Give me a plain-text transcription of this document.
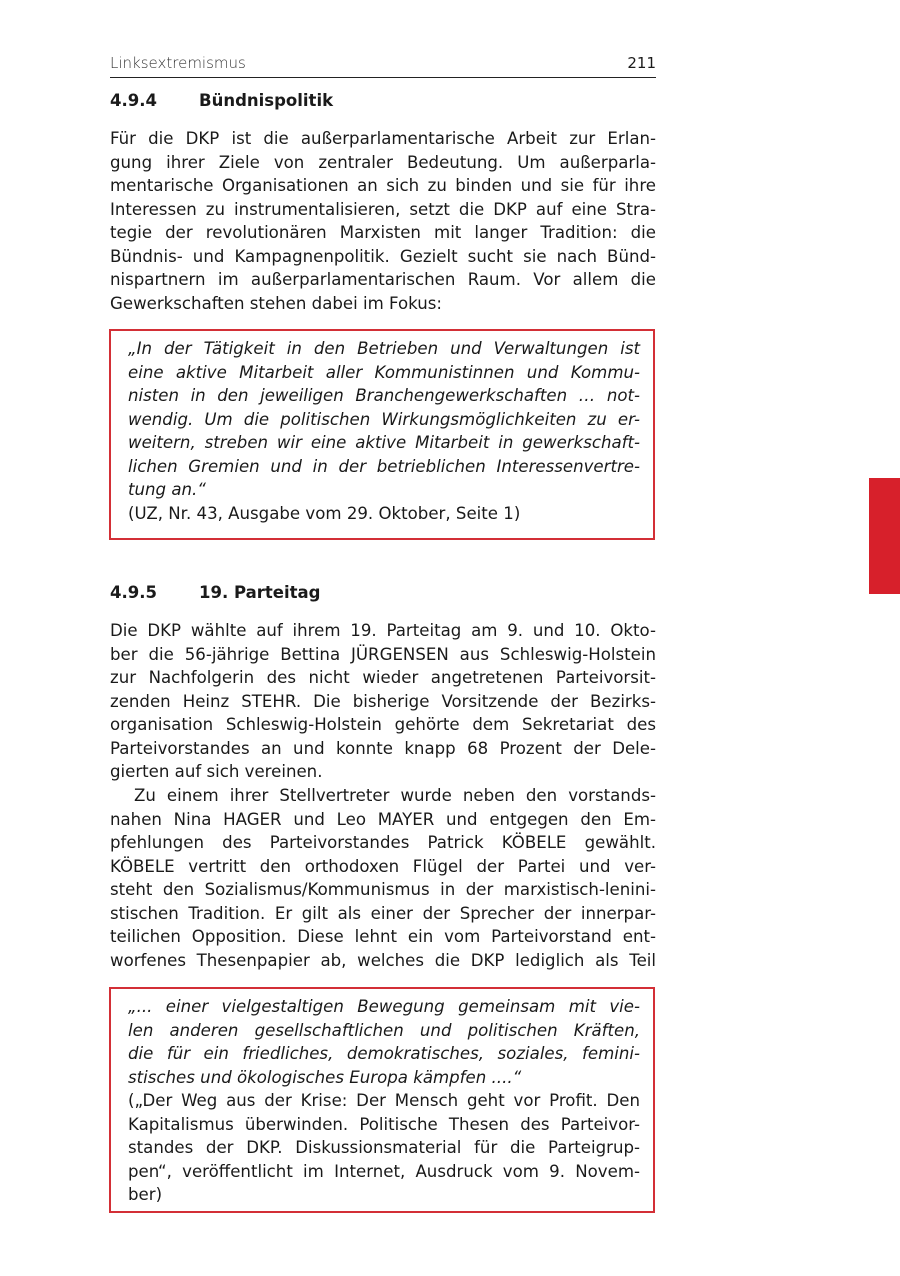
Linksextremismus	211
4.9.4	Bündnispolitik
Für die DKP ist die außerparlamentarische Arbeit zur Erlan-
gung ihrer Ziele von zentraler Bedeutung. Um außerparla-
mentarische Organisationen an sich zu binden und sie für ihre
Interessen zu instrumentalisieren, setzt die DKP auf eine Stra-
tegie der revolutionären Marxisten mit langer Tradition: die
Bündnis- und Kampagnenpolitik. Gezielt sucht sie nach Bünd-
nispartnern im außerparlamentarischen Raum. Vor allem die
Gewerkschaften stehen dabei im Fokus:
„In der Tätigkeit in den Betrieben und Verwaltungen ist
eine aktive Mitarbeit aller Kommunistinnen und Kommu-
nisten in den jeweiligen Branchengewerkschaften … not-
wendig. Um die politischen Wirkungsmöglichkeiten zu er-
weitern, streben wir eine aktive Mitarbeit in gewerkschaft-
lichen Gremien und in der betrieblichen Interessenvertre-
tung an.“
(UZ, Nr. 43, Ausgabe vom 29. Oktober, Seite 1)
4.9.5	19. Parteitag
Die DKP wählte auf ihrem 19. Parteitag am 9. und 10. Okto-
ber die 56-jährige Bettina JÜRGENSEN aus Schleswig-Holstein
zur Nachfolgerin des nicht wieder angetretenen Parteivorsit-
zenden Heinz STEHR. Die bisherige Vorsitzende der Bezirks-
organisation Schleswig-Holstein gehörte dem Sekretariat des
Parteivorstandes an und konnte knapp 68 Prozent der Dele-
gierten auf sich vereinen.
Zu einem ihrer Stellvertreter wurde neben den vorstands-
nahen Nina HAGER und Leo MAYER und entgegen den Em-
pfehlungen des Parteivorstandes Patrick KÖBELE gewählt.
KÖBELE vertritt den orthodoxen Flügel der Partei und ver-
steht den Sozialismus/Kommunismus in der marxistisch-lenini-
stischen Tradition. Er gilt als einer der Sprecher der innerpar-
teilichen Opposition. Diese lehnt ein vom Parteivorstand ent-
worfenes Thesenpapier ab, welches die DKP lediglich als Teil
„... einer vielgestaltigen Bewegung gemeinsam mit vie-
len anderen gesellschaftlichen und politischen Kräften,
die für ein friedliches, demokratisches, soziales, femini-
stisches und ökologisches Europa kämpfen ....“
(„Der Weg aus der Krise: Der Mensch geht vor Profit. Den
Kapitalismus überwinden. Politische Thesen des Parteivor-
standes der DKP. Diskussionsmaterial für die Parteigrup-
pen“, veröffentlicht im Internet, Ausdruck vom 9. Novem-
ber)
